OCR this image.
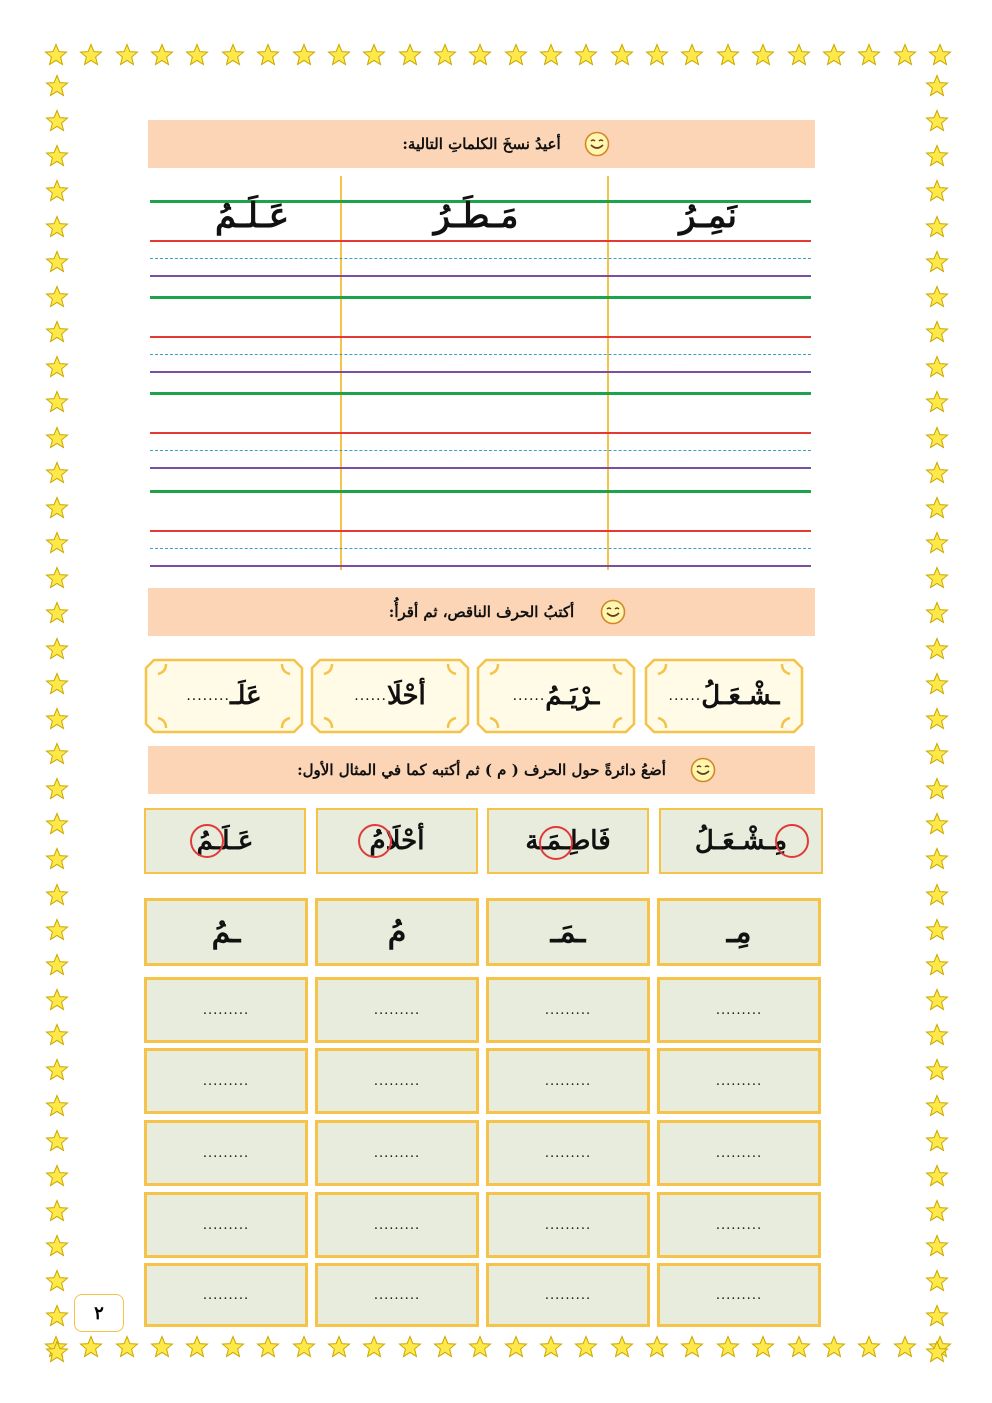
أعيدُ نسخَ الكلماتِ التالية:
نَمِـرُ
مَـطَـرُ
عَـلَـمُ
أكتبُ الحرف الناقص، ثم أقرأُ:
ـشْـعَـلُ
......
ـرْيَـمُ
......
أحْلَا
......
عَلَـ
........
أضعُ دائرةً حول الحرف ( م ) ثم أكتبه كما في المثال الأول:
مِـشْـعَـلُ
فَاطِـمَـة
أحْلَامُ
عَـلَـمُ
مِـ
ـمَـ
مُ
ـمُ
.........
.........
.........
.........
.........
.........
.........
.........
.........
.........
.........
.........
.........
.........
.........
.........
.........
.........
.........
.........
٢
